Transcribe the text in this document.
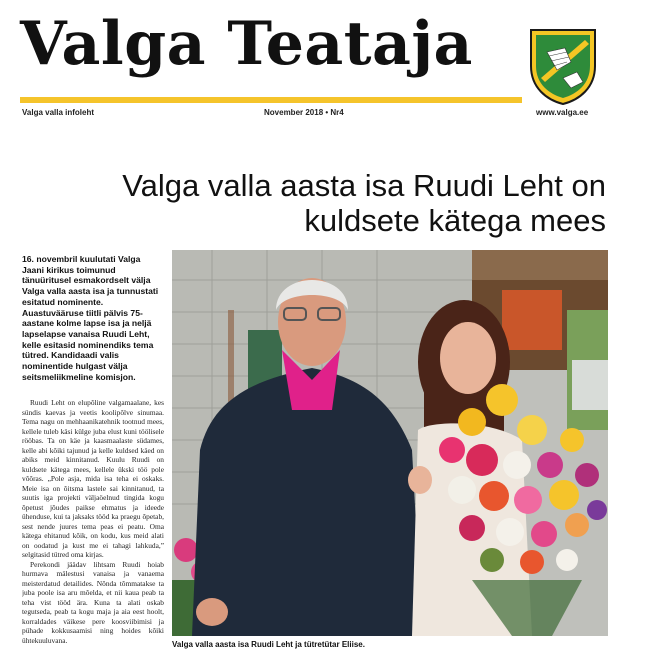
Valga Teataja
Valga valla infoleht	November 2018 • Nr4	www.valga.ee
Valga valla aasta isa Ruudi Leht on kuldsete kätega mees

16. novembril kuulutati Valga Jaani kirikus toimunud tänuüritusel esmakordselt välja Valga valla aasta isa ja tunnustati esitatud nominente. Auastuvääruse tiitli pälvis 75-aastane kolme lapse isa ja neljä lapselapse vanaisa Ruudi Leht, kelle esitasid nominendiks tema tütred. Kandidaadi valis nominentide hulgast välja seitsmeliikmeline komisjon.

Ruudi Leht on elupõline valgamaalane, kes sündis kaevas ja veetis koolipõlve sinumaa. Tema nagu on mehhaanikatehnik tootnud mees, kellele tuleb käsi külge juba elust kuni töölisele rööbas. Ta on käe ja kaasmaalaste südames, kelle abi kõiki tajunud ja kelle kuldsed käed on abiks meid kinnitanud. Kuulu Ruudi on kuldsete kätega mees, kellele ükski töö pole võõras. „Pole asja, mida isa teha ei oskaks. Meie isa on õitsma lastele sai kinnitanud, ta suutis iga projekti väljaöelnud tingida kogu õpetust jõudes paikse ehmatus ja ideede ühenduse, kui ta jaksaks tööd ka praegu õpetab, sest nende juures tema peas ei peatu. Oma kätega ehitanud kõik, on kodu, kus meid alati on oodatud ja kust me ei tahagi lahkuda,” selgitasid tütred oma kirjas.

Perekondi jäädav lihtsam Ruudi hoiab hurmava mälestusi vanaisa ja vanaema meisterdatud detailides. Nõnda tõmmatakse ta juba poole isa aru mõelda, et nii kaua peab ta teha vist tööd ära. Kuna ta alati oskab tegutseda, peab ta kogu maja ja aia eest hoolt, korraldades väikese pere koosviibimisi ja pühade kokkusaamisi ning hoides kõiki ühtekuuluvana.	Valga valla aasta isa Ruudi Leht ja tütretütar Eliise.
